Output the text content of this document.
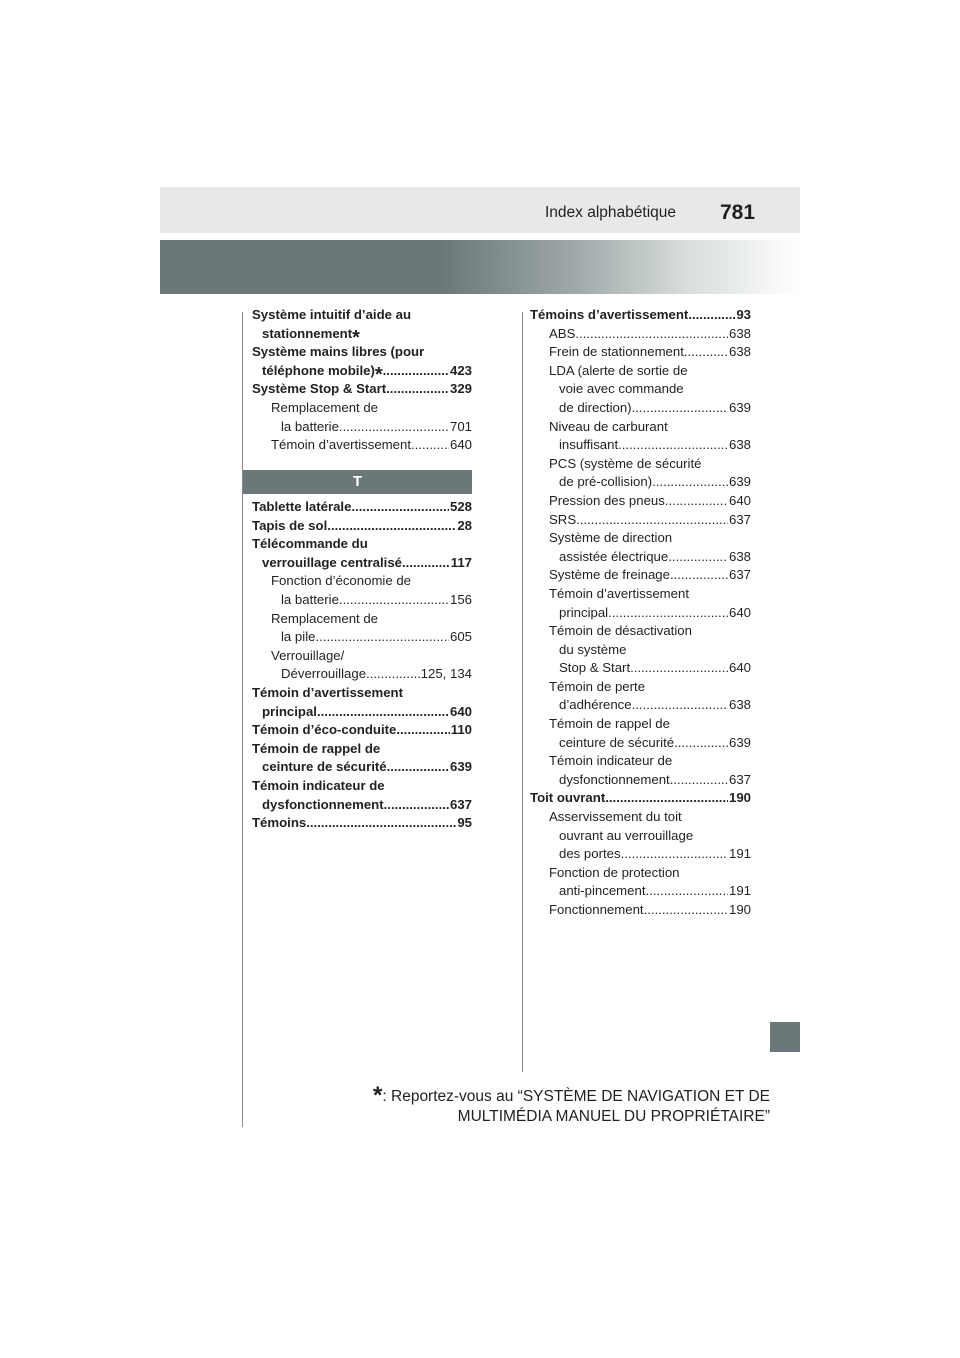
Index alphabétique 781
Système intuitif d’aide au
stationnement *
Système mains libres (pour
téléphone mobile) * .....	423
Système Stop & Start .....	329
Remplacement de
la batterie .....	701
Témoin d’avertissement .....	640
T
Tablette latérale .....	528
Tapis de sol .....	28
Télécommande du
verrouillage centralisé .....	117
Fonction d’économie de
la batterie .....	156
Remplacement de
la pile .....	605
Verrouillage/
Déverrouillage .....	125, 134
Témoin d’avertissement
principal .....	640
Témoin d’éco-conduite .....	110
Témoin de rappel de
ceinture de sécurité .....	639
Témoin indicateur de
dysfonctionnement .....	637
Témoins .....	95
Témoins d’avertissement .....	93
ABS .....	638
Frein de stationnement .....	638
LDA (alerte de sortie de
voie avec commande
de direction) .....	639
Niveau de carburant
insuffisant .....	638
PCS (système de sécurité
de pré-collision) .....	639
Pression des pneus .....	640
SRS .....	637
Système de direction
assistée électrique .....	638
Système de freinage .....	637
Témoin d’avertissement
principal .....	640
Témoin de désactivation
du système
Stop & Start .....	640
Témoin de perte
d’adhérence .....	638
Témoin de rappel de
ceinture de sécurité .....	639
Témoin indicateur de
dysfonctionnement .....	637
Toit ouvrant .....	190
Asservissement du toit
ouvrant au verrouillage
des portes .....	191
Fonction de protection
anti-pincement .....	191
Fonctionnement .....	190
*: Reportez-vous au “SYSTÈME DE NAVIGATION ET DE
MULTIMÉDIA MANUEL DU PROPRIÉTAIRE”
